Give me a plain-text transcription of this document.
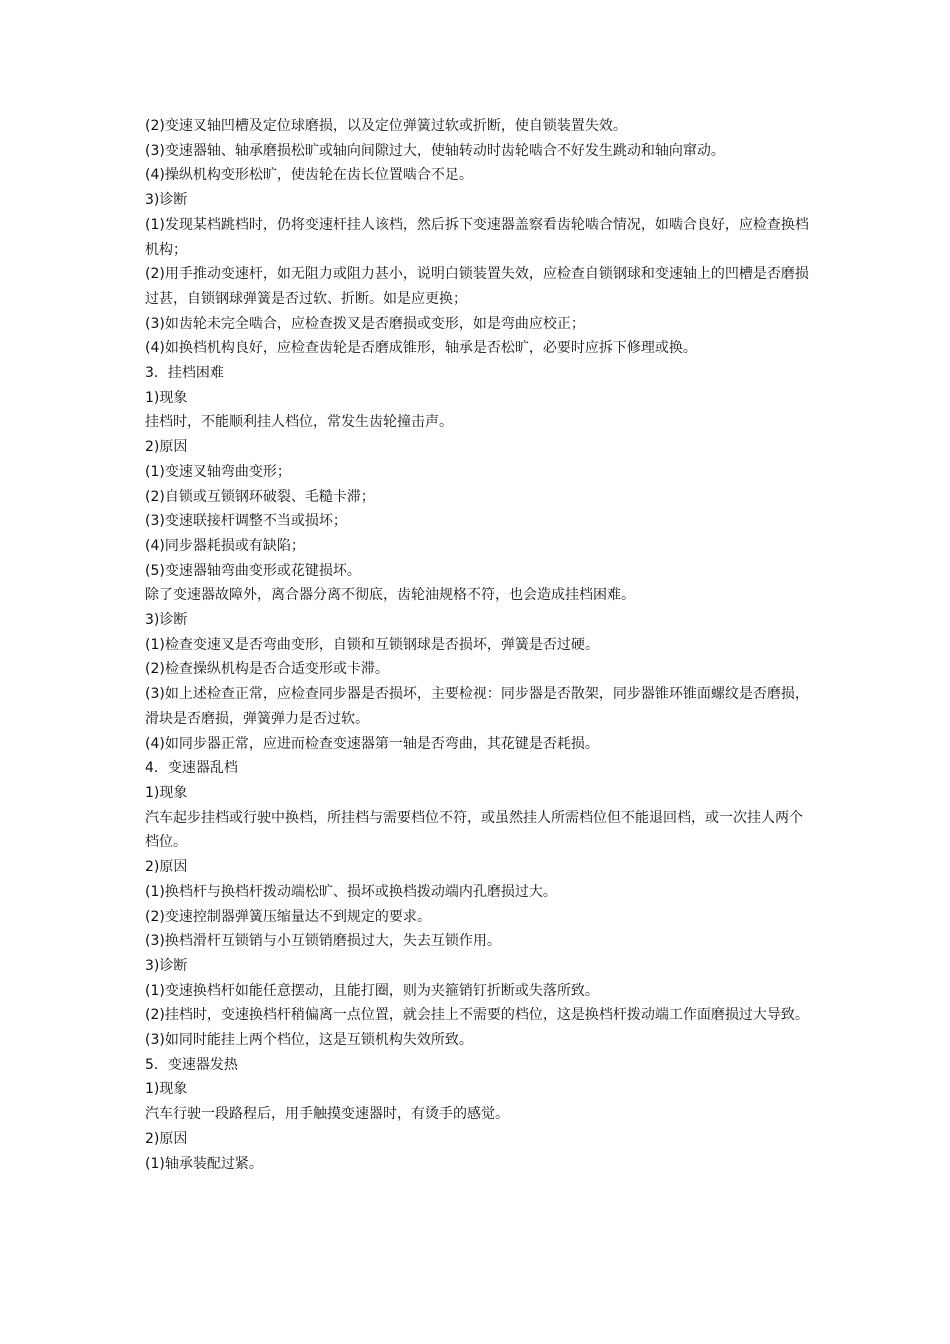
(2)变速叉轴凹槽及定位球磨损，以及定位弹簧过软或折断，使自锁装置失效。
(3)变速器轴、轴承磨损松旷或轴向间隙过大，使轴转动时齿轮啮合不好发生跳动和轴向窜动。
(4)操纵机构变形松旷，使齿轮在齿长位置啮合不足。
3)诊断
(1)发现某档跳档时，仍将变速杆挂人该档，然后拆下变速器盖察看齿轮啮合情况，如啮合良好，应检查换档机构；
(2)用手推动变速杆，如无阻力或阻力甚小，说明白锁装置失效，应检查自锁钢球和变速轴上的凹槽是否磨损过甚，自锁钢球弹簧是否过软、折断。如是应更换；
(3)如齿轮未完全啮合，应检查拨叉是否磨损或变形，如是弯曲应校正；
(4)如换档机构良好，应检查齿轮是否磨成锥形，轴承是否松旷，必要时应拆下修理或换。
3．挂档困难
1)现象
挂档时，不能顺利挂人档位，常发生齿轮撞击声。
2)原因
(1)变速叉轴弯曲变形；
(2)自锁或互锁钢环破裂、毛糙卡滞；
(3)变速联接杆调整不当或损坏；
(4)同步器耗损或有缺陷；
(5)变速器轴弯曲变形或花键损坏。
除了变速器故障外，离合器分离不彻底，齿轮油规格不符，也会造成挂档困难。
3)诊断
(1)检查变速叉是否弯曲变形，自锁和互锁钢球是否损坏，弹簧是否过硬。
(2)检查操纵机构是否合适变形或卡滞。
(3)如上述检查正常，应检查同步器是否损坏，主要检视：同步器是否散架，同步器锥环锥面螺纹是否磨损，滑块是否磨损，弹簧弹力是否过软。
(4)如同步器正常，应进而检查变速器第一轴是否弯曲，其花键是否耗损。
4．变速器乱档
1)现象
汽车起步挂档或行驶中换档，所挂档与需要档位不符，或虽然挂人所需档位但不能退回档，或一次挂人两个档位。
2)原因
(1)换档杆与换档杆拨动端松旷、损坏或换档拨动端内孔磨损过大。
(2)变速控制器弹簧压缩量达不到规定的要求。
(3)换档滑杆互锁销与小互锁销磨损过大，失去互锁作用。
3)诊断
(1)变速换档杆如能任意摆动，且能打圈，则为夹箍销钉折断或失落所致。
(2)挂档时，变速换档杆稍偏离一点位置，就会挂上不需要的档位，这是换档杆拨动端工作面磨损过大导致。
(3)如同时能挂上两个档位，这是互锁机构失效所致。
5．变速器发热
1)现象
汽车行驶一段路程后，用手触摸变速器时，有烫手的感觉。
2)原因
(1)轴承装配过紧。
